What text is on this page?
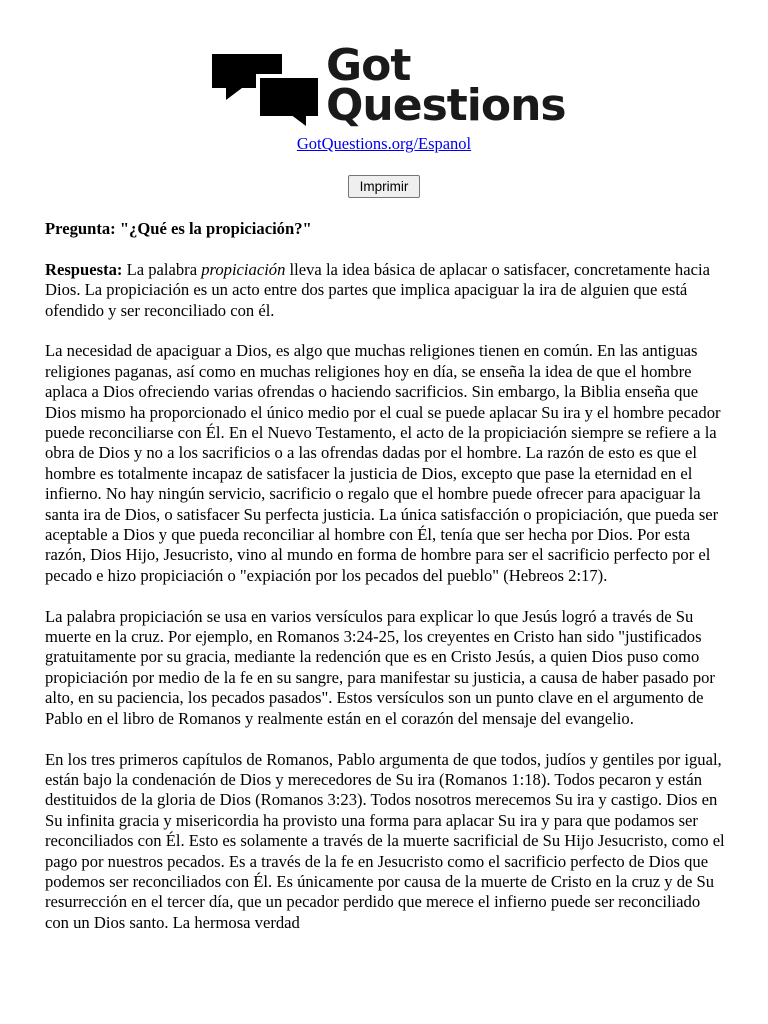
Got
Questions
GotQuestions.org/Espanol
Imprimir

Pregunta: "¿Qué es la propiciación?"

Respuesta: La palabra propiciación lleva la idea básica de aplacar o satisfacer, concretamente hacia Dios. La propiciación es un acto entre dos partes que implica apaciguar la ira de alguien que está ofendido y ser reconciliado con él.

La necesidad de apaciguar a Dios, es algo que muchas religiones tienen en común. En las antiguas religiones paganas, así como en muchas religiones hoy en día, se enseña la idea de que el hombre aplaca a Dios ofreciendo varias ofrendas o haciendo sacrificios. Sin embargo, la Biblia enseña que Dios mismo ha proporcionado el único medio por el cual se puede aplacar Su ira y el hombre pecador puede reconciliarse con Él. En el Nuevo Testamento, el acto de la propiciación siempre se refiere a la obra de Dios y no a los sacrificios o a las ofrendas dadas por el hombre. La razón de esto es que el hombre es totalmente incapaz de satisfacer la justicia de Dios, excepto que pase la eternidad en el infierno. No hay ningún servicio, sacrificio o regalo que el hombre puede ofrecer para apaciguar la santa ira de Dios, o satisfacer Su perfecta justicia. La única satisfacción o propiciación, que pueda ser aceptable a Dios y que pueda reconciliar al hombre con Él, tenía que ser hecha por Dios. Por esta razón, Dios Hijo, Jesucristo, vino al mundo en forma de hombre para ser el sacrificio perfecto por el pecado e hizo propiciación o "expiación por los pecados del pueblo" (Hebreos 2:17).

La palabra propiciación se usa en varios versículos para explicar lo que Jesús logró a través de Su muerte en la cruz. Por ejemplo, en Romanos 3:24-25, los creyentes en Cristo han sido "justificados gratuitamente por su gracia, mediante la redención que es en Cristo Jesús, a quien Dios puso como propiciación por medio de la fe en su sangre, para manifestar su justicia, a causa de haber pasado por alto, en su paciencia, los pecados pasados". Estos versículos son un punto clave en el argumento de Pablo en el libro de Romanos y realmente están en el corazón del mensaje del evangelio.

En los tres primeros capítulos de Romanos, Pablo argumenta de que todos, judíos y gentiles por igual, están bajo la condenación de Dios y merecedores de Su ira (Romanos 1:18). Todos pecaron y están destituidos de la gloria de Dios (Romanos 3:23). Todos nosotros merecemos Su ira y castigo. Dios en Su infinita gracia y misericordia ha provisto una forma para aplacar Su ira y para que podamos ser reconciliados con Él. Esto es solamente a través de la muerte sacrificial de Su Hijo Jesucristo, como el pago por nuestros pecados. Es a través de la fe en Jesucristo como el sacrificio perfecto de Dios que podemos ser reconciliados con Él. Es únicamente por causa de la muerte de Cristo en la cruz y de Su resurrección en el tercer día, que un pecador perdido que merece el infierno puede ser reconciliado con un Dios santo. La hermosa verdad
